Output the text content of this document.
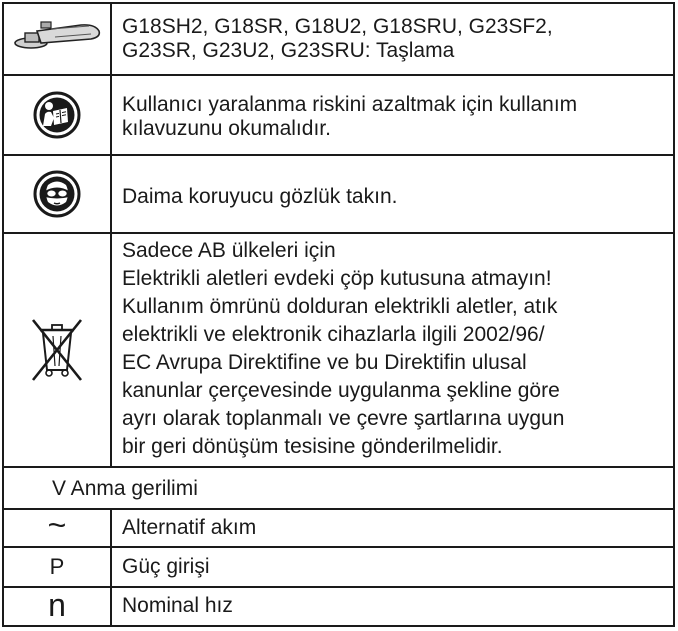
G18SH2, G18SR, G18U2, G18SRU, G23SF2,
G23SR, G23U2, G23SRU: Taşlama
Kullanıcı yaralanma riskini azaltmak için kullanım
kılavuzunu okumalıdır.
Daima koruyucu gözlük takın.
Sadece AB ülkeleri için
Elektrikli aletleri evdeki çöp kutusuna atmayın!
Kullanım ömrünü dolduran elektrikli aletler, atık
elektrikli ve elektronik cihazlarla ilgili 2002/96/
EC Avrupa Direktifine ve bu Direktifin ulusal
kanunlar çerçevesinde uygulanma şekline göre
ayrı olarak toplanmalı ve çevre şartlarına uygun
bir geri dönüşüm tesisine gönderilmelidir.
V Anma gerilimi
~	Alternatif akım
P	Güç girişi
n	Nominal hız
